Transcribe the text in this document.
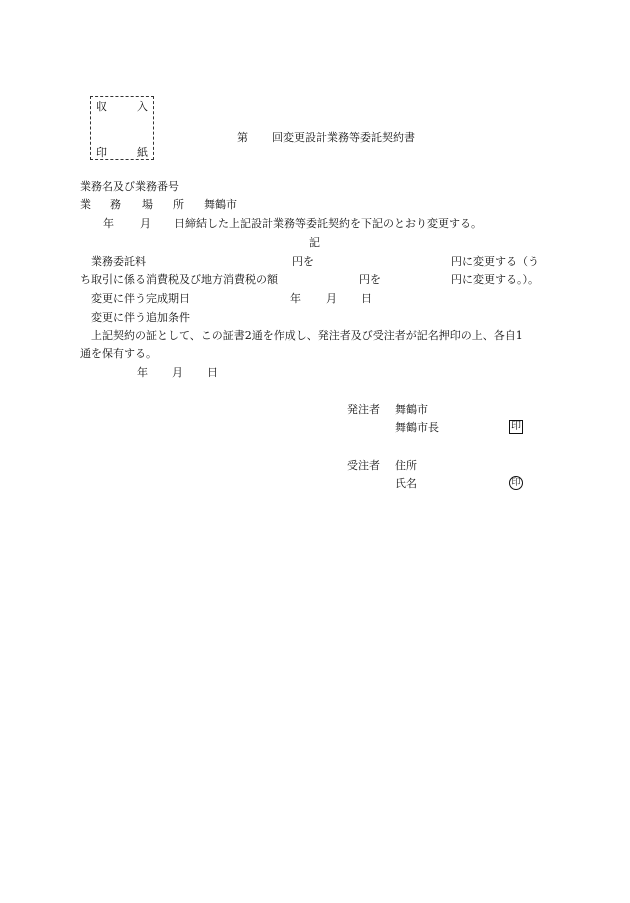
収	入
印	紙
第 回変更設計業務等委託契約書
業務名及び業務番号
業 務 場 所 舞鶴市
年 月 日締結した上記設計業務等委託契約を下記のとおり変更する。
記
業務委託料	円を	円に変更する（う
ち取引に係る消費税及び地方消費税の額	円を	円に変更する。）。
変更に伴う完成期日	年 月 日
変更に伴う追加条件
上記契約の証として、この証書2通を作成し、発注者及び受注者が記名押印の上、各自1
通を保有する。
年 月 日
発注者 舞鶴市
舞鶴市長	印
受注者 住所
氏名	印
